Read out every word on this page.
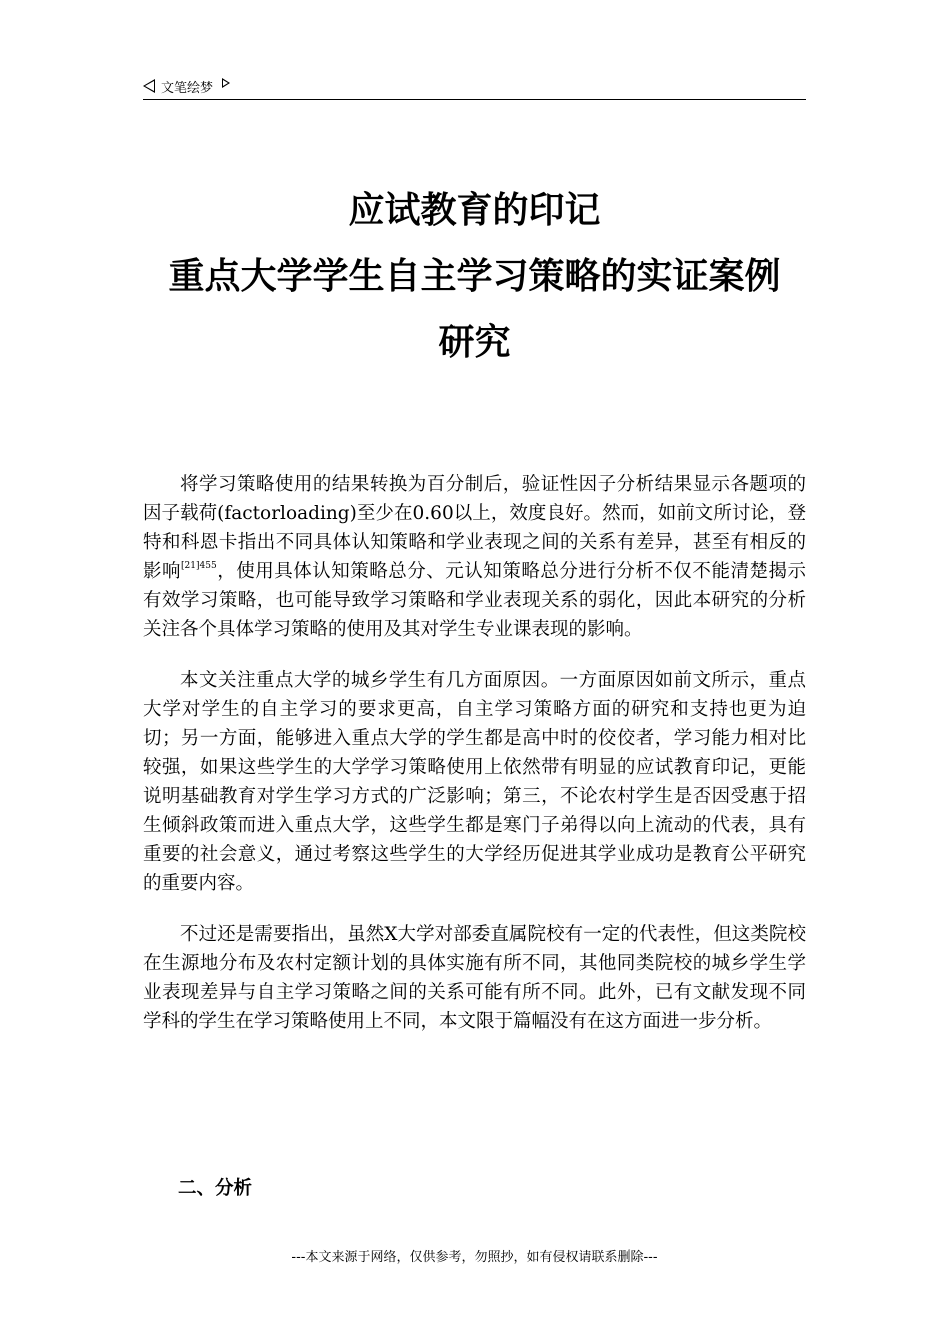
文笔绘梦
应试教育的印记
重点大学学生自主学习策略的实证案例
研究

将学习策略使用的结果转换为百分制后，验证性因子分析结果显示各题项的因子载荷(factorloading)至少在0.60以上，效度良好。然而，如前文所讨论，登特和科恩卡指出不同具体认知策略和学业表现之间的关系有差异，甚至有相反的影响$^{[21]455}$，使用具体认知策略总分、元认知策略总分进行分析不仅不能清楚揭示有效学习策略，也可能导致学习策略和学业表现关系的弱化，因此本研究的分析关注各个具体学习策略的使用及其对学生专业课表现的影响。

本文关注重点大学的城乡学生有几方面原因。一方面原因如前文所示，重点大学对学生的自主学习的要求更高，自主学习策略方面的研究和支持也更为迫切；另一方面，能够进入重点大学的学生都是高中时的佼佼者，学习能力相对比较强，如果这些学生的大学学习策略使用上依然带有明显的应试教育印记，更能说明基础教育对学生学习方式的广泛影响；第三，不论农村学生是否因受惠于招生倾斜政策而进入重点大学，这些学生都是寒门子弟得以向上流动的代表，具有重要的社会意义，通过考察这些学生的大学经历促进其学业成功是教育公平研究的重要内容。

不过还是需要指出，虽然X大学对部委直属院校有一定的代表性，但这类院校在生源地分布及农村定额计划的具体实施有所不同，其他同类院校的城乡学生学业表现差异与自主学习策略之间的关系可能有所不同。此外，已有文献发现不同学科的学生在学习策略使用上不同，本文限于篇幅没有在这方面进一步分析。

二、分析
---本文来源于网络，仅供参考，勿照抄，如有侵权请联系删除---
